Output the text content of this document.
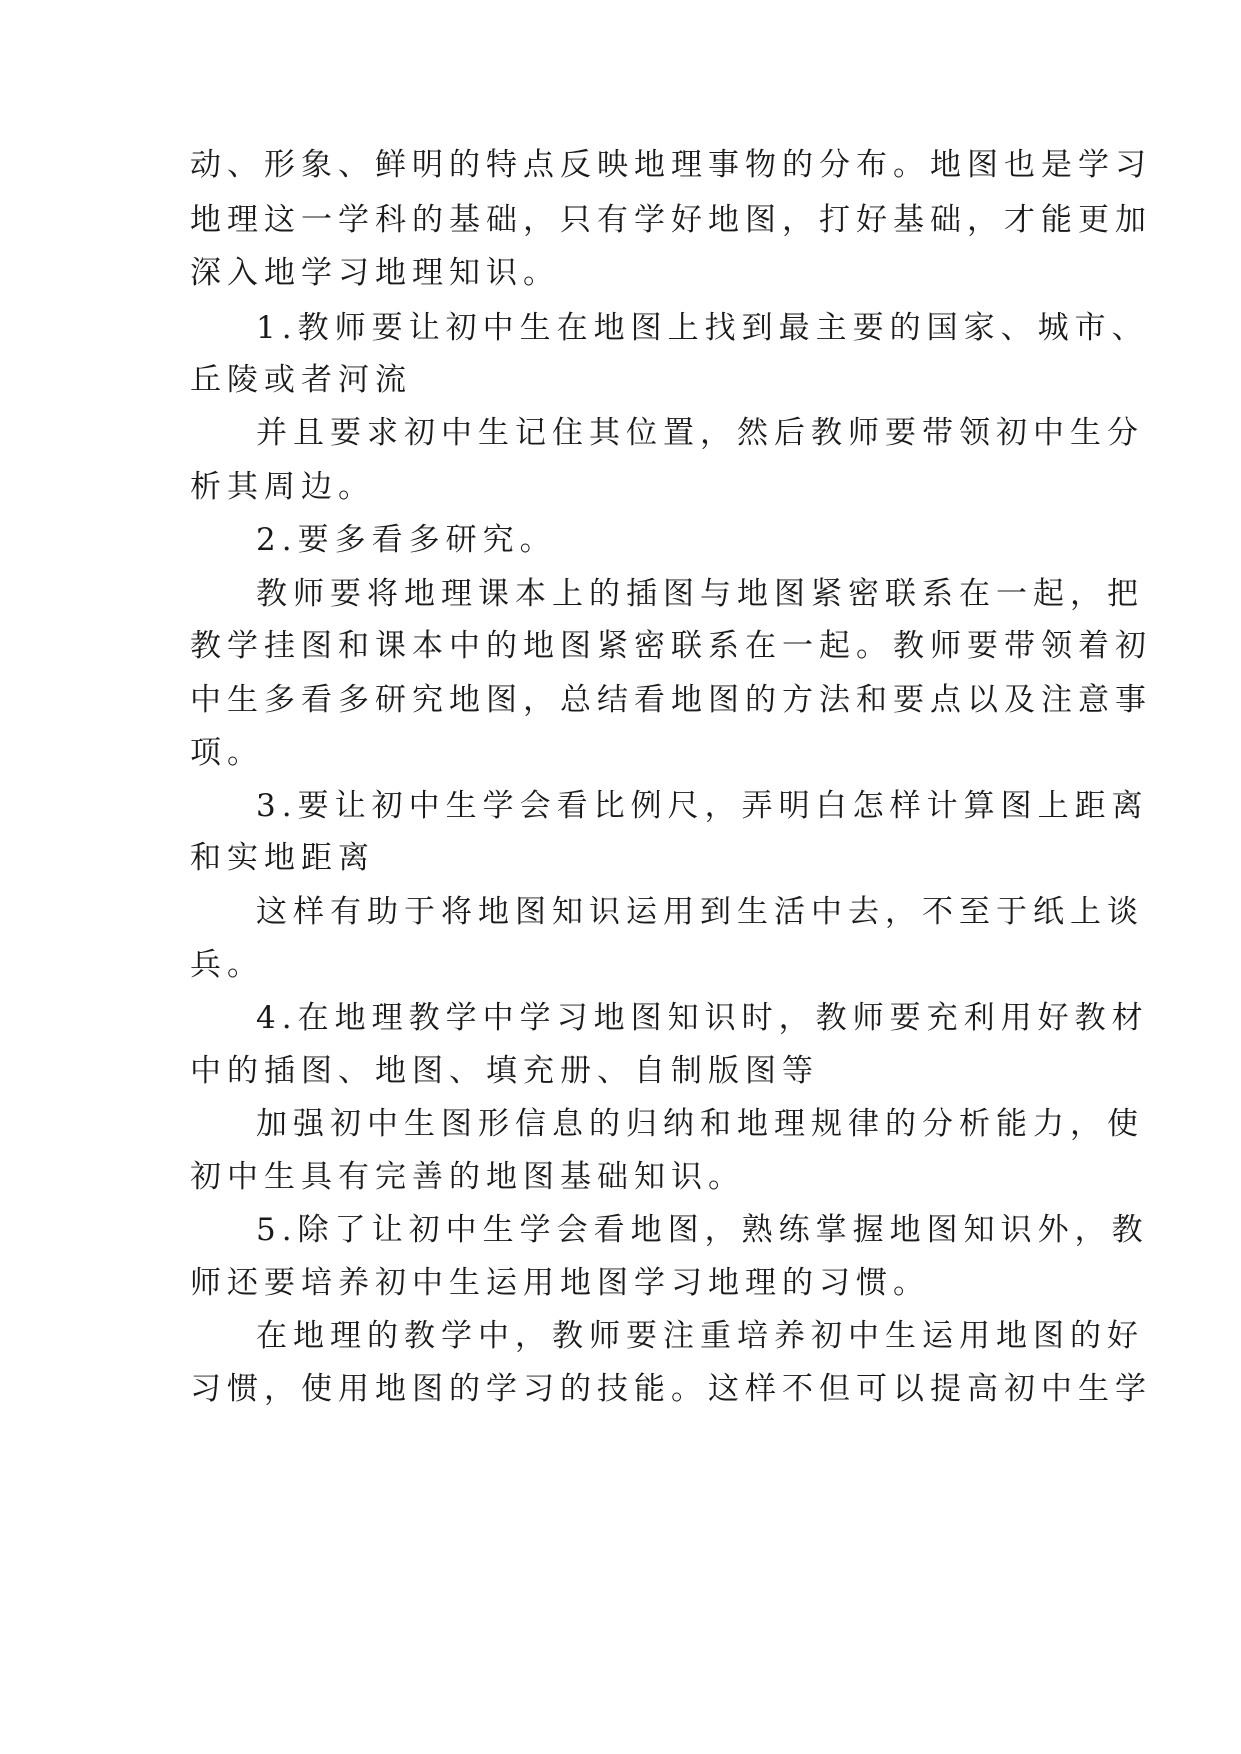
动、形象、鲜明的特点反映地理事物的分布。地图也是学习
地理这一学科的基础，只有学好地图，打好基础，才能更加
深入地学习地理知识。
1.教师要让初中生在地图上找到最主要的国家、城市、
丘陵或者河流
并且要求初中生记住其位置，然后教师要带领初中生分
析其周边。
2.要多看多研究。
教师要将地理课本上的插图与地图紧密联系在一起，把
教学挂图和课本中的地图紧密联系在一起。教师要带领着初
中生多看多研究地图，总结看地图的方法和要点以及注意事
项。
3.要让初中生学会看比例尺，弄明白怎样计算图上距离
和实地距离
这样有助于将地图知识运用到生活中去，不至于纸上谈
兵。
4.在地理教学中学习地图知识时，教师要充利用好教材
中的插图、地图、填充册、自制版图等
加强初中生图形信息的归纳和地理规律的分析能力，使
初中生具有完善的地图基础知识。
5.除了让初中生学会看地图，熟练掌握地图知识外，教
师还要培养初中生运用地图学习地理的习惯。
在地理的教学中，教师要注重培养初中生运用地图的好
习惯，使用地图的学习的技能。这样不但可以提高初中生学
